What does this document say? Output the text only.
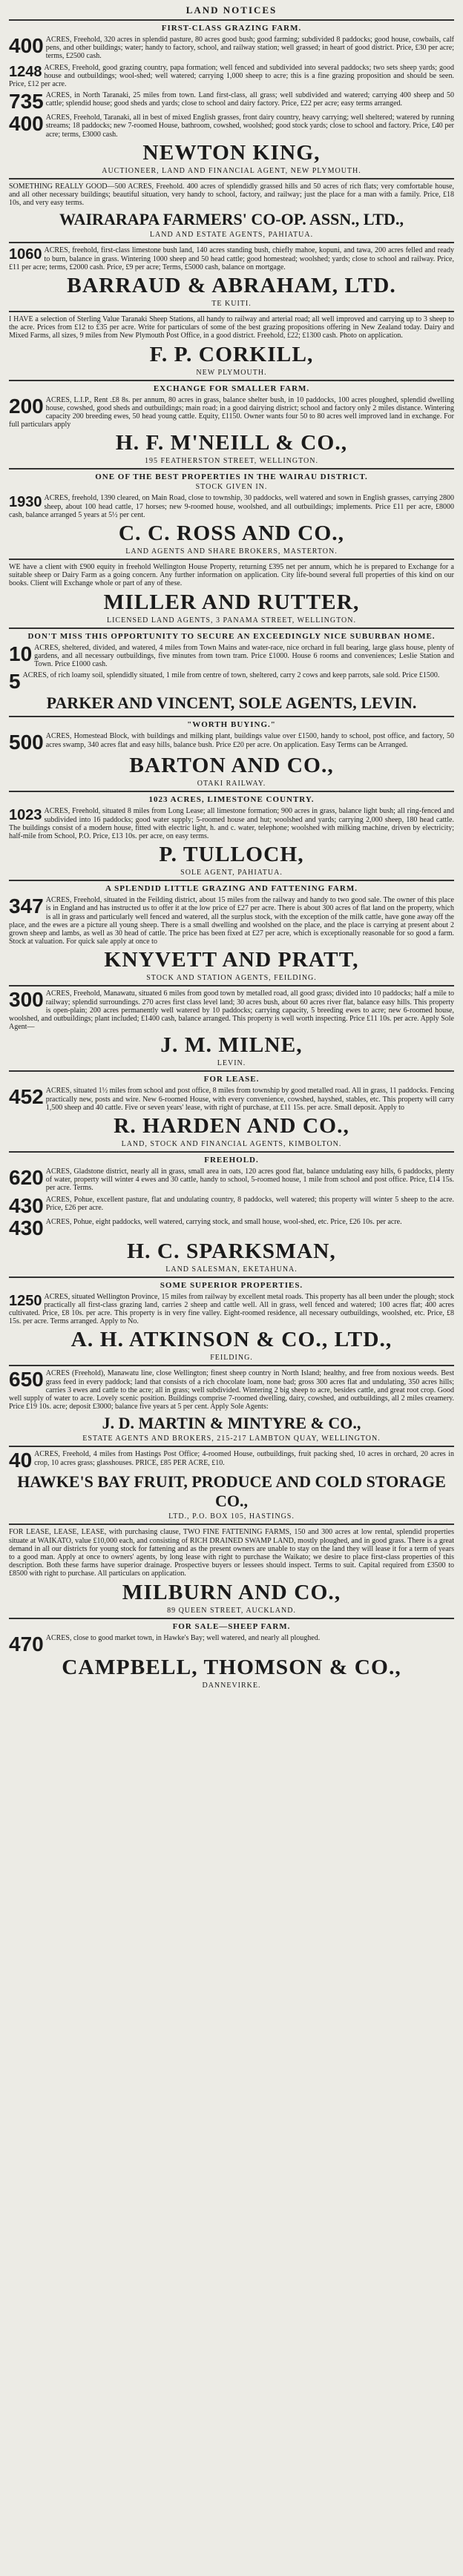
LAND NOTICES
FIRST-CLASS GRAZING FARM.
400 ACRES, Freehold, 320 acres in splendid pasture, 80 acres good bush; good farming; subdivided 8 paddocks; good house, cowbails, calf pens, and other buildings; water; handy to factory, school, and railway station; well grassed; in heart of good district. Price, £30 per acre; terms, £2500 cash.
1248 ACRES, Freehold, good grazing country, papa formation; well fenced and subdivided into several paddocks; two sets sheep yards; good house and outbuildings; wool-shed; well watered; carrying 1,000 sheep to acre; this is a fine grazing proposition and should be seen. Price, £12 per acre.
735 ACRES, in North Taranaki, 25 miles from town. Land first-class, all grass; well subdivided and watered; carrying 400 sheep and 50 cattle; splendid house; good sheds and yards; close to school and dairy factory. Price, £22 per acre; easy terms arranged.
400 ACRES, Freehold, Taranaki, all in best of mixed English grasses, front dairy country, heavy carrying; well sheltered; watered by running streams; 18 paddocks; new 7-roomed House, bathroom, cowshed, woolshed; good stock yards; close to school and factory. Price, £40 per acre; terms, £3000 cash.
NEWTON KING,
AUCTIONEER, LAND AND FINANCIAL AGENT, NEW PLYMOUTH.
SOMETHING REALLY GOOD—500 ACRES, Freehold. 400 acres of splendidly grassed hills and 50 acres of rich flats; very comfortable house, and all other necessary buildings; beautiful situation, very handy to school, factory, and railway; just the place for a man with a family. Price, £18 10s, and very easy terms.
WAIRARAPA FARMERS' CO-OP. ASSN., LTD.,
LAND AND ESTATE AGENTS, PAHIATUA.
1060 ACRES, freehold, first-class limestone bush land, 140 acres standing bush, chiefly mahoe, kopuni, and tawa, 200 acres felled and ready to burn, balance in grass. Wintering 1000 sheep and 50 head cattle; good homestead; woolshed; yards; close to school and railway. Price, £11 per acre; terms, £2000 cash. Price, £9 per acre; Terms, £5000 cash, balance on mortgage.
BARRAUD & ABRAHAM, LTD.
TE KUITI.
I HAVE a selection of Sterling Value Taranaki Sheep Stations, all handy to railway and arterial road; all well improved and carrying up to 3 sheep to the acre. Prices from £12 to £35 per acre. Write for particulars of some of the best grazing propositions offering in New Zealand today. Dairy and Mixed Farms, all sizes, 9 miles from New Plymouth Post Office, in a good district. Freehold, £22; £1300 cash. Photo on application.
F. P. CORKILL,
NEW PLYMOUTH.
EXCHANGE FOR SMALLER FARM.
200 ACRES, L.I.P., Rent .£8 8s. per annum, 80 acres in grass, balance shelter bush, in 10 paddocks, 100 acres ploughed, splendid dwelling house, cowshed, good sheds and outbuildings; main road; in a good dairying district; school and factory only 2 miles distance. Wintering capacity 200 breeding ewes, 50 head young cattle. Equity, £1150. Owner wants four 50 to 80 acres well improved land in exchange. For full particulars apply
H. F. M'NEILL & CO.,
195 FEATHERSTON STREET, WELLINGTON.
ONE OF THE BEST PROPERTIES IN THE WAIRAU DISTRICT.
STOCK GIVEN IN.
1930 ACRES, freehold, 1390 cleared, on Main Road, close to township, 30 paddocks, well watered and sown in English grasses, carrying 2800 sheep, about 100 head cattle, 17 horses; new 9-roomed house, woolshed, and all outbuildings; implements. Price £11 per acre, £8000 cash, balance arranged 5 years at 5½ per cent.
C. C. ROSS AND CO.,
LAND AGENTS AND SHARE BROKERS, MASTERTON.
WE have a client with £900 equity in freehold Wellington House Property, returning £395 net per annum, which he is prepared to Exchange for a suitable sheep or Dairy Farm as a going concern. Any further information on application. City life-bound several full properties of this kind on our books. Client will Exchange whole or part of any of these.
MILLER AND RUTTER,
LICENSED LAND AGENTS, 3 PANAMA STREET, WELLINGTON.
DON'T MISS THIS OPPORTUNITY TO SECURE AN EXCEEDINGLY NICE SUBURBAN HOME.
10 ACRES, sheltered, divided, and watered, 4 miles from Town Mains and water-race, nice orchard in full bearing, large glass house, plenty of gardens, and all necessary outbuildings, five minutes from town tram. Price £1000. House 6 rooms and conveniences; Leslie Station and Town. Price £1000 cash.
5 ACRES, of rich loamy soil, splendidly situated, 1 mile from centre of town, sheltered, carry 2 cows and keep parrots, sale sold. Price £1500.
PARKER AND VINCENT, SOLE AGENTS, LEVIN.
"WORTH BUYING."
500 ACRES, Homestead Block, with buildings and milking plant, buildings value over £1500, handy to school, post office, and factory, 50 acres swamp, 340 acres flat and easy hills, balance bush. Price £20 per acre. On application. Easy Terms can be Arranged.
BARTON AND CO.,
OTAKI RAILWAY.
1023 ACRES, LIMESTONE COUNTRY.
1023 ACRES, Freehold, situated 8 miles from Long Lease; all limestone formation; 900 acres in grass, balance light bush; all ring-fenced and subdivided into 16 paddocks; good water supply; 5-roomed house and hut; woolshed and yards; carrying 2,000 sheep, 180 head cattle. The buildings consist of a modern house, fitted with electric light, h. and c. water, telephone; woolshed with milking machine, driven by electricity; half-mile from School, P.O. Price, £13 10s. per acre, on easy terms.
P. TULLOCH,
SOLE AGENT, PAHIATUA.
A SPLENDID LITTLE GRAZING AND FATTENING FARM.
347 ACRES, Freehold, situated in the Feilding district, about 15 miles from the railway and handy to two good sale. The owner of this place is in England and has instructed us to offer it at the low price of £27 per acre. There is about 300 acres of flat land on the property, which is all in grass and particularly well fenced and watered, all the surplus stock, with the exception of the milk cattle, have gone away off the place, and the ewes are a picture all young sheep. There is a small dwelling and woolshed on the place, and the place is carrying at present about 2 grown sheep and lambs, as well as 30 head of cattle. The price has been fixed at £27 per acre, which is exceptionally reasonable for so good a farm. Stock at valuation. For quick sale apply at once to
KNYVETT AND PRATT,
STOCK AND STATION AGENTS, FEILDING.
300 ACRES, Freehold, Manawatu, situated 6 miles from good town by metalled road, all good grass; divided into 10 paddocks; half a mile to railway; splendid surroundings. 270 acres first class level land; 30 acres bush, about 60 acres river flat, balance easy hills. This property is open-plain; 200 acres permanently well watered by 10 paddocks; carrying capacity, 5 breeding ewes to acre; new 6-roomed house, woolshed, and outbuildings; plant included; £1400 cash, balance arranged. This property is well worth inspecting. Price £11 10s. per acre. Apply Sole Agent—
J. M. MILNE,
LEVIN.
FOR LEASE.
452 ACRES, situated 1½ miles from school and post office, 8 miles from township by good metalled road. All in grass, 11 paddocks. Fencing practically new, posts and wire. New 6-roomed House, with every convenience, cowshed, hayshed, stables, etc. This property will carry 1,500 sheep and 40 cattle. Five or seven years' lease, with right of purchase, at £11 15s. per acre. Small deposit. Apply to
R. HARDEN AND CO.,
LAND, STOCK AND FINANCIAL AGENTS, KIMBOLTON.
FREEHOLD.
620 ACRES, Gladstone district, nearly all in grass, small area in oats, 120 acres good flat, balance undulating easy hills, 6 paddocks, plenty of water, property will winter 4 ewes and 30 cattle, handy to school, 5-roomed house, 1 mile from school and post office. Price, £14 15s. per acre. Terms.
430 ACRES, Pohue, excellent pasture, flat and undulating country, 8 paddocks, well watered; this property will winter 5 sheep to the acre. Price, £26 per acre.
430 ACRES, Pohue, eight paddocks, well watered, carrying stock, and small house, wool-shed, etc. Price, £26 10s. per acre.
H. C. SPARKSMAN,
LAND SALESMAN, EKETAHUNA.
SOME SUPERIOR PROPERTIES.
1250 ACRES, situated Wellington Province, 15 miles from railway by excellent metal roads. This property has all been under the plough; stock practically all first-class grazing land, carries 2 sheep and cattle well. All in grass, well fenced and watered; 100 acres flat; 400 acres cultivated. Price, £8 10s. per acre. This property is in very fine valley. Eight-roomed residence, all necessary outbuildings, woolshed, etc. Price, £8 15s. per acre. Terms arranged. Apply to No.
A. H. ATKINSON & CO., LTD.,
FEILDING.
650 ACRES (Freehold), Manawatu line, close Wellington; finest sheep country in North Island; healthy, and free from noxious weeds. Best grass feed in every paddock; land that consists of a rich chocolate loam, none bad; gross 300 acres flat and undulating, 350 acres hills; carries 3 ewes and cattle to the acre; all in grass; well subdivided. Wintering 2 big sheep to acre, besides cattle, and great root crop. Good well supply of water to acre. Lovely scenic position. Buildings comprise 7-roomed dwelling, dairy, cowshed, and outbuildings, all 2 miles creamery. Price £19 10s. acre; deposit £3000; balance five years at 5 per cent. Apply Sole Agents:
J. D. MARTIN & MINTYRE & CO.,
ESTATE AGENTS AND BROKERS, 215-217 LAMBTON QUAY, WELLINGTON.
40 ACRES, Freehold, 4 miles from Hastings Post Office; 4-roomed House, outbuildings, fruit packing shed, 10 acres in orchard, 20 acres in crop, 10 acres grass; glasshouses. PRICE, £85 PER ACRE, £10.
HAWKE'S BAY FRUIT, PRODUCE AND COLD STORAGE CO.,
LTD., P.O. BOX 105, HASTINGS.
FOR LEASE, LEASE, LEASE, with purchasing clause, TWO FINE FATTENING FARMS, 150 and 300 acres at low rental, splendid properties situate at WAIKATO, value £10,000 each, and consisting of RICH DRAINED SWAMP LAND, mostly ploughed, and in good grass. There is a great demand in all our districts for young stock for fattening and as the present owners are unable to stay on the land they will lease it for a term of years to a good man. Apply at once to owners' agents, by long lease with right to purchase the Waikato; we desire to place first-class properties of this description. Both these farms have superior drainage. Prospective buyers or lessees should inspect. Terms to suit. Capital required from £3500 to £8500 with right to purchase. All particulars on application.
MILBURN AND CO.,
89 QUEEN STREET, AUCKLAND.
FOR SALE—SHEEP FARM.
470 ACRES, close to good market town, in Hawke's Bay; well watered, and nearly all ploughed.
CAMPBELL, THOMSON & CO.,
DANNEVIRKE.
